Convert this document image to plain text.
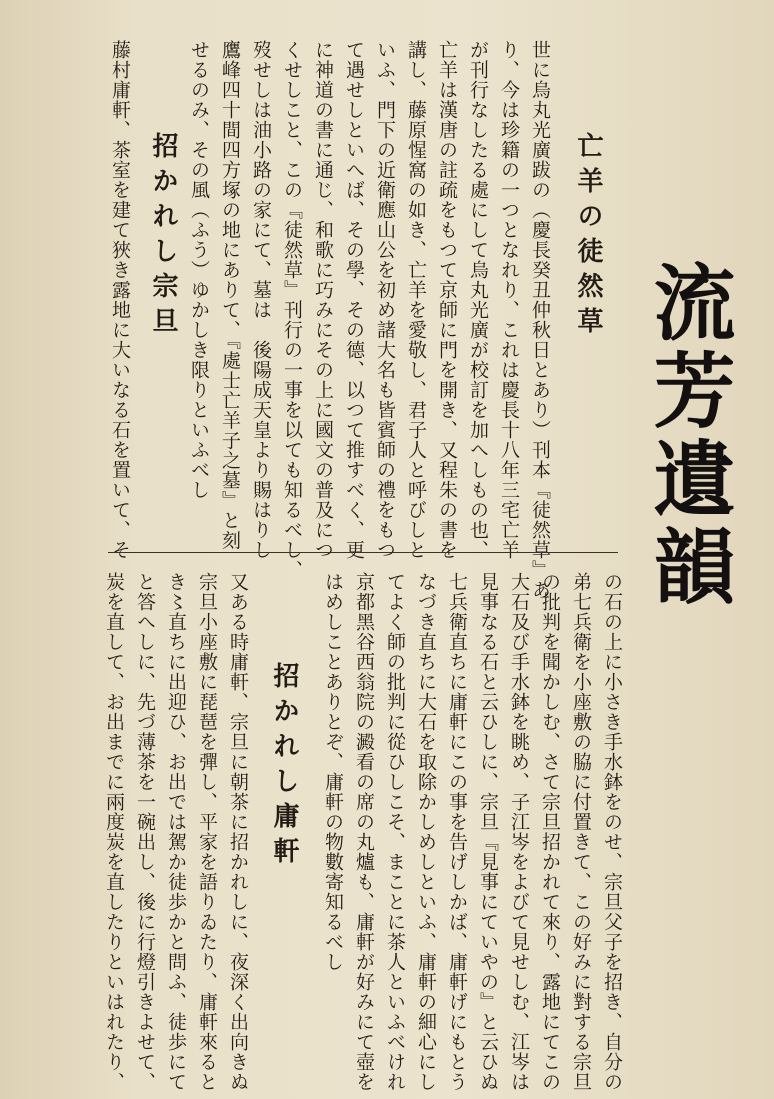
流芳遺韻
亡羊の徒然草
世に烏丸光廣跋の（慶長癸丑仲秋日とあり）刊本『徒然草』あ
り、今は珍籍の一つとなれり、これは慶長十八年三宅亡羊
が刊行なしたる處にして烏丸光廣が校訂を加へしもの也、
亡羊は漢唐の註疏をもつて京師に門を開き、又程朱の書を
講し、藤原惺窩の如き、亡羊を愛敬し、君子人と呼びしと
いふ、門下の近衛應山公を初め諸大名も皆賓師の禮をもつ
て遇せしといへば、その學、その德、以つて推すべく、更
に神道の書に通じ、和歌に巧みにその上に國文の普及につ
くせしこと、この『徒然草』刊行の一事を以ても知るべし、
歿せしは油小路の家にて、墓は　後陽成天皇より賜はりし
鷹峰四十間四方塚の地にありて、『處士亡羊子之墓』と刻
せるのみ、その風（ふう）ゆかしき限りといふべし
招かれし宗旦
藤村庸軒、茶室を建て狹き露地に大いなる石を置いて、そ
の石の上に小さき手水鉢をのせ、宗旦父子を招き、自分の
弟七兵衛を小座敷の脇に付置きて、この好みに對する宗旦
の批判を聞かしむ、さて宗旦招かれて來り、露地にてこの
大石及び手水鉢を眺め、子江岑をよびて見せしむ、江岑は
見事なる石と云ひしに、宗旦『見事にていやの』と云ひぬ
七兵衛直ちに庸軒にこの事を告げしかば、庸軒げにもとう
なづき直ちに大石を取除かしめしといふ、庸軒の細心にし
てよく師の批判に從ひしこそ、まことに茶人といふべけれ
京都黑谷西翁院の澱看の席の丸爐も、庸軒が好みにて壺を
はめしことありとぞ、庸軒の物數寄知るべし
招かれし庸軒
又ある時庸軒、宗旦に朝茶に招かれしに、夜深く出向きぬ
宗旦小座敷に琵琶を彈し、平家を語りゐたり、庸軒來ると
き〻直ちに出迎ひ、お出では駕か徒歩かと問ふ、徒歩にて
と答へしに、先づ薄茶を一碗出し、後に行燈引きよせて、
炭を直して、お出までに兩度炭を直したりといはれたり、
